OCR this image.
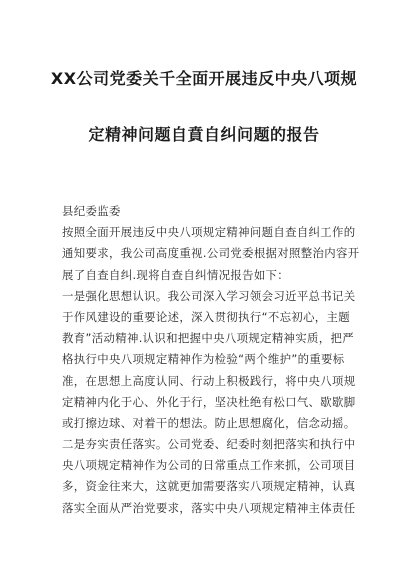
XX公司党委关千全面开展违反中央八项规
定精神问题自賁自纠问题的报告
县纪委监委
按照全面开展违反中央八项规定精神问题自查自纠工作的
通知要求，我公司高度重视.公司党委根据对照整治内容开
展了自查自纠.现将自查自纠情况报告如下：
一是强化思想认识。我公司深入学习领会习近平总书记关
于作风建设的重要论述，深入贯彻执行“不忘初心，主题
教育”活动精神.认识和把握中央八项规定精神实质，把严
格执行中央八项规定精神作为检验“两个维护”的重要标
准，在思想上高度认同、行动上积极践行，将中央八项规
定精神内化于心、外化于行，坚决杜绝有松口气、歇歇脚
或打擦边球、对着干的想法。防止思想腐化，信念动摇。
二是夯实责任落实。公司党委、纪委时刻把落实和执行中
央八项规定精神作为公司的日常重点工作来抓，公司项目
多，资金往来大，这就更加需要落实八项规定精神，认真
落实全面从严治党要求，落实中央八项规定精神主体责任
